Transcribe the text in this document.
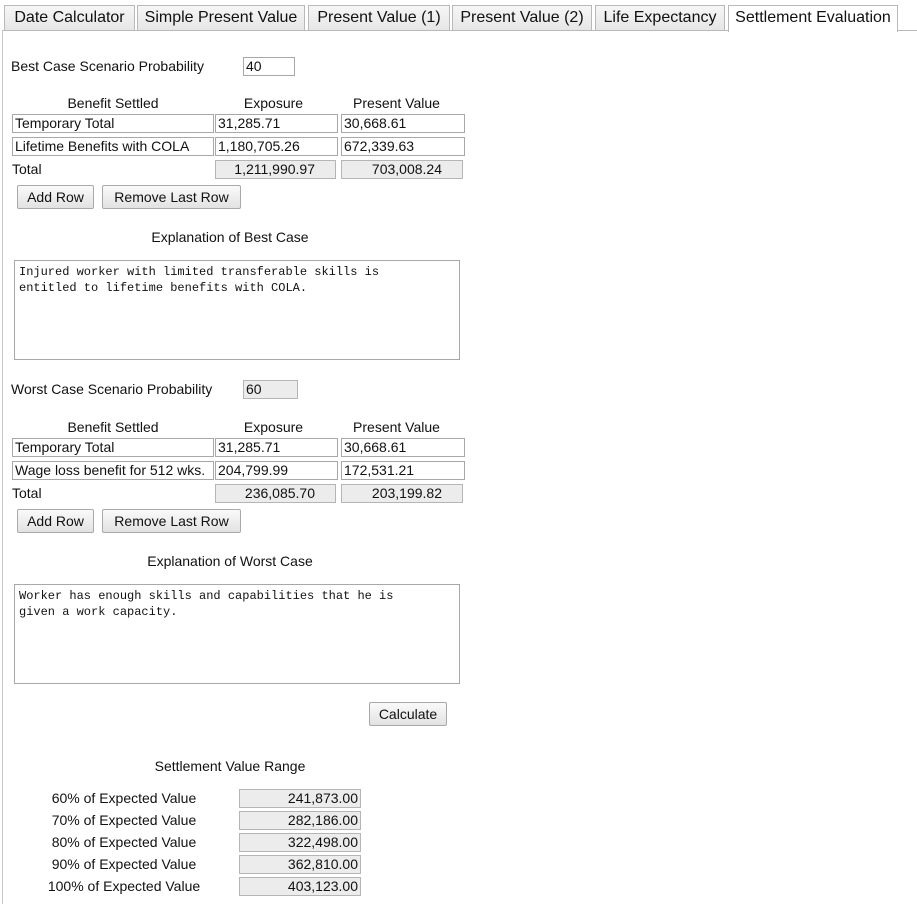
Date Calculator	Simple Present Value	Present Value (1)	Present Value (2)	Life Expectancy	Settlement Evaluation
Best Case Scenario Probability	40
Benefit Settled	Exposure	Present Value
Temporary Total	31,285.71	30,668.61
Lifetime Benefits with COLA	1,180,705.26	672,339.63
Total	1,211,990.97	703,008.24
Add Row	Remove Last Row
Explanation of Best Case
Injured worker with limited transferable skills is
entitled to lifetime benefits with COLA.
Worst Case Scenario Probability 60
Benefit Settled	Exposure	Present Value
Temporary Total	31,285.71	30,668.61
Wage loss benefit for 512 wks. 204,799.99	172,531.21
Total	236,085.70	203,199.82
Add Row	Remove Last Row
Explanation of Worst Case
Worker has enough skills and capabilities that he is
given a work capacity.
Calculate
Settlement Value Range
60% of Expected Value	241,873.00
70% of Expected Value	282,186.00
80% of Expected Value	322,498.00
90% of Expected Value	362,810.00
100% of Expected Value	403,123.00
